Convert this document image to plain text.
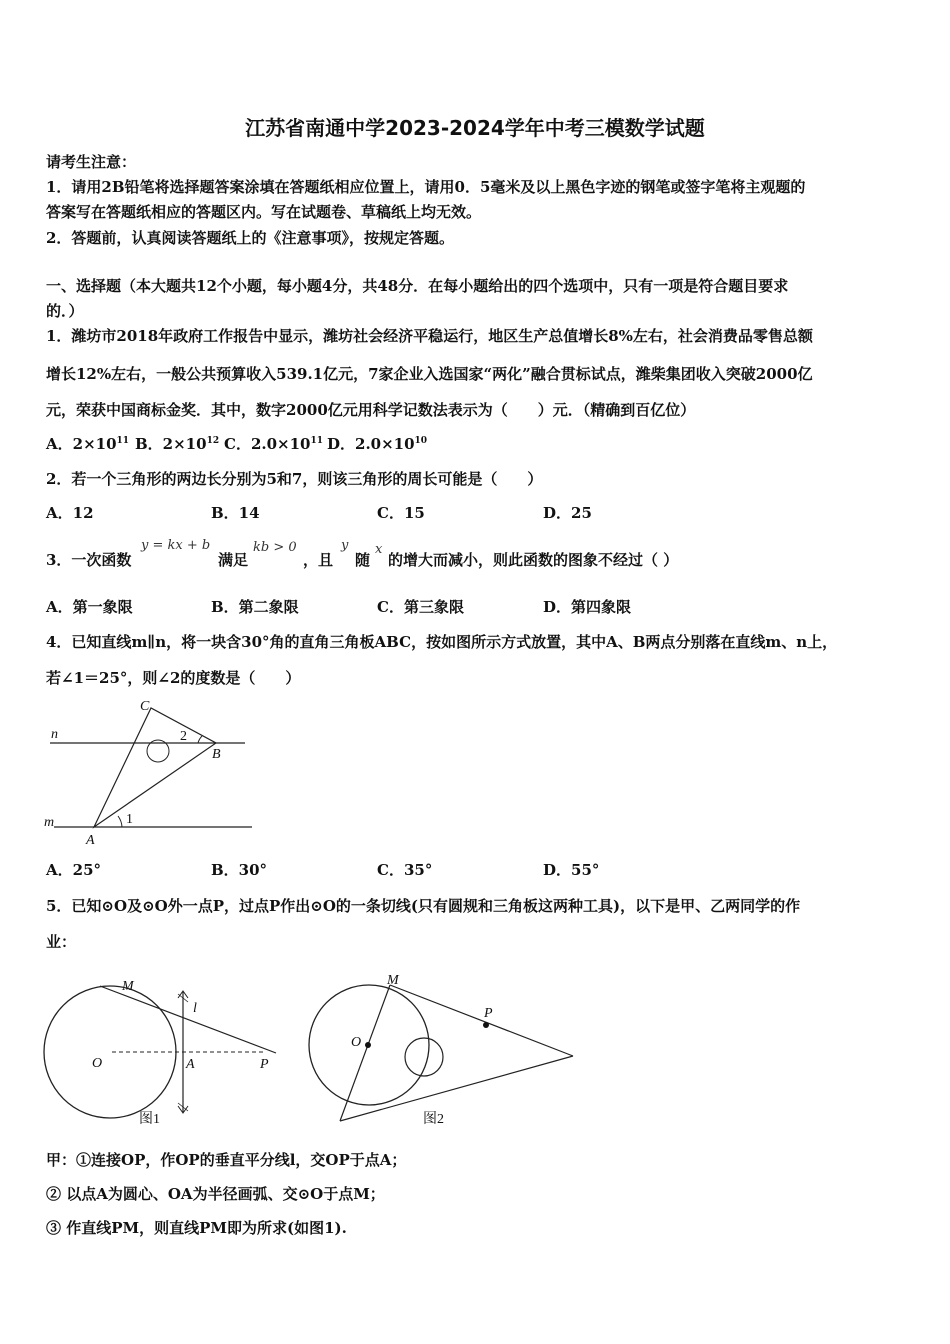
江苏省南通中学2023-2024学年中考三模数学试题
请考生注意：
1．请用2B铅笔将选择题答案涂填在答题纸相应位置上，请用0．5毫米及以上黑色字迹的钢笔或签字笔将主观题的
答案写在答题纸相应的答题区内。写在试题卷、草稿纸上均无效。
2．答题前，认真阅读答题纸上的《注意事项》，按规定答题。
一、选择题（本大题共12个小题，每小题4分，共48分．在每小题给出的四个选项中，只有一项是符合题目要求
的．）
1．潍坊市2018年政府工作报告中显示，潍坊社会经济平稳运行，地区生产总值增长8%左右，社会消费品零售总额
增长12%左右，一般公共预算收入539.1亿元，7家企业入选国家“两化”融合贯标试点，潍柴集团收入突破2000亿
元，荣获中国商标金奖．其中，数字2000亿元用科学记数法表示为（　　）元．（精确到百亿位）
A．$2\times 10^{11}$ B．$2\times 10^{12}$ C．$2.0\times 10^{11}$ D．$2.0\times 10^{10}$
2．若一个三角形的两边长分别为5和7，则该三角形的周长可能是（　　）
A．12	B．14	C．15	D．25
3．一次函数
y = kx + b
满足
kb > 0
，且
y
随
x
的增大而减小，则此函数的图象不经过（ ）
A．第一象限	B．第二象限	C．第三象限	D．第四象限
4．已知直线m∥n，将一块含30°角的直角三角板ABC，按如图所示方式放置，其中A、B两点分别落在直线m、n上，
若∠1＝25°，则∠2的度数是（　　）
n
m
A
B
C
1
2
A．25°	B．30°	C．35°	D．55°
5．已知⊙O及⊙O外一点P，过点P作出⊙O的一条切线(只有圆规和三角板这两种工具)，以下是甲、乙两同学的作
业：
M
O	A	P
l
图1
M
O
P
图2
甲：①连接OP，作OP的垂直平分线l，交OP于点A；
② 以点A为圆心、OA为半径画弧、交⊙O于点M；
③ 作直线PM，则直线PM即为所求(如图1).
